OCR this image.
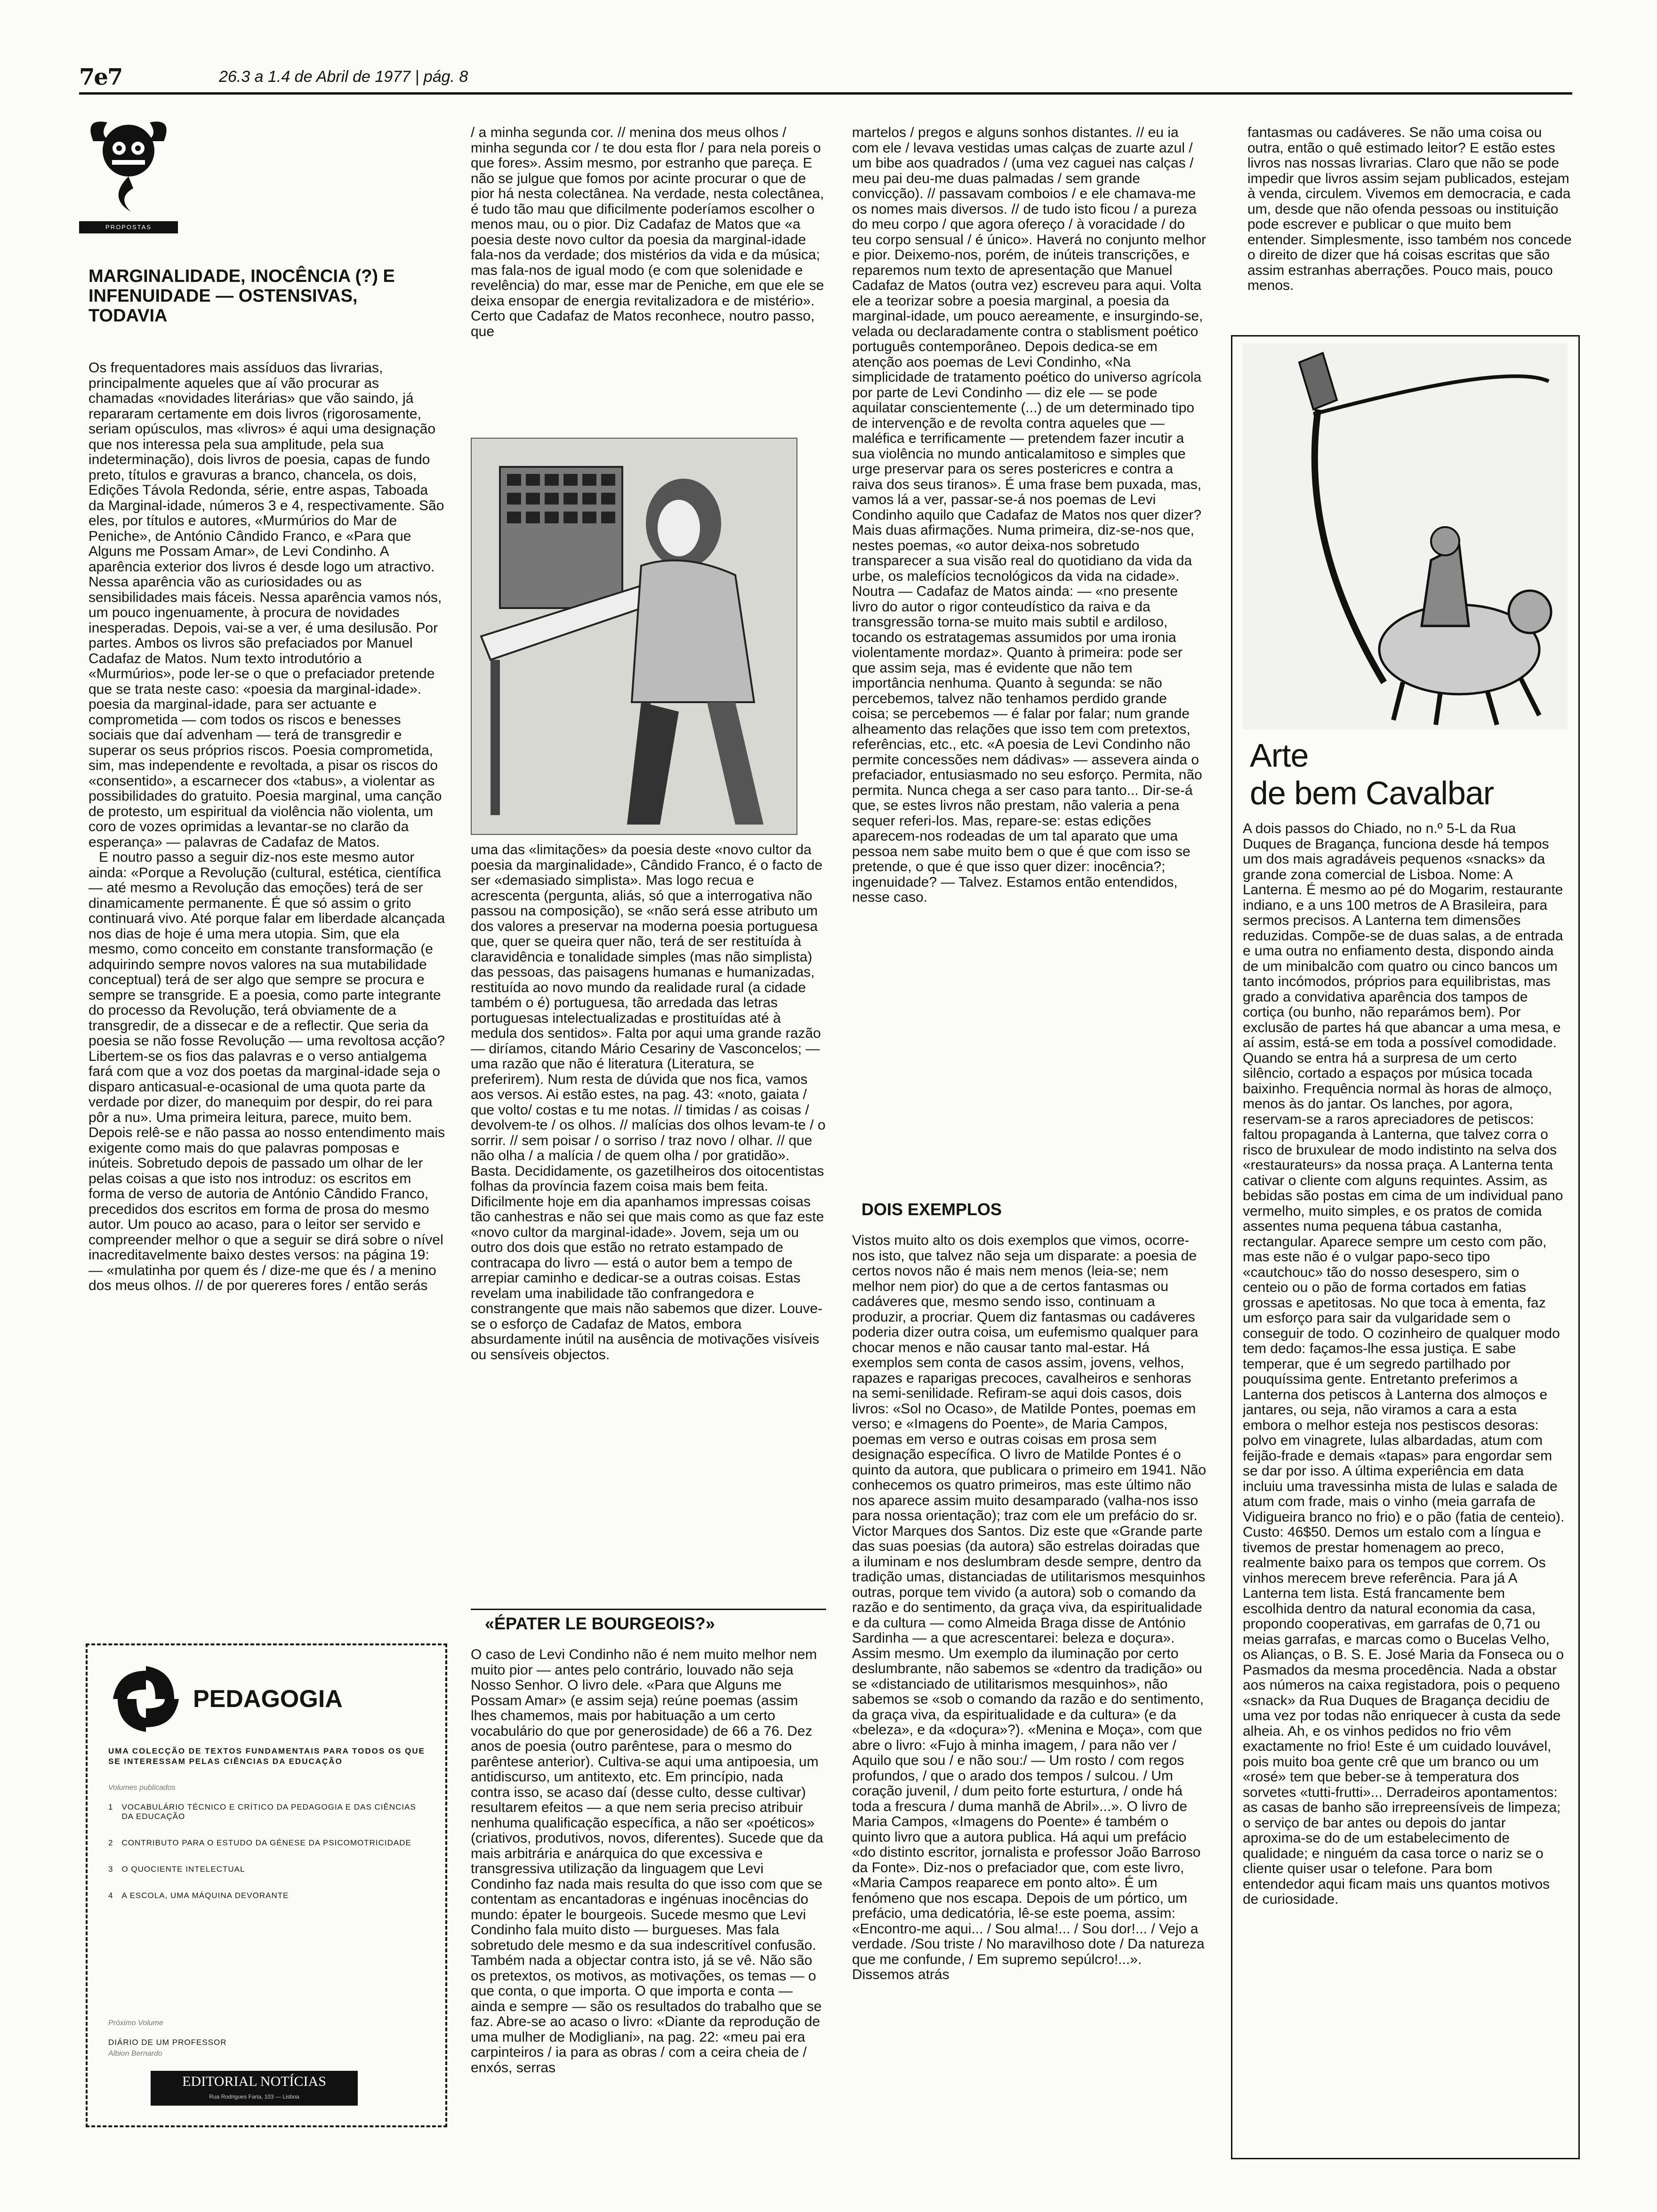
7e7	26.3 a 1.4 de Abril de 1977 | pág. 8
PROPOSTAS
MARGINALIDADE, INOCÊNCIA (?) E INFENUIDADE — OSTENSIVAS, TODAVIA

Os frequentadores mais assíduos das livrarias, principalmente aqueles que aí vão procurar as chamadas «novidades literárias» que vão saindo, já repararam certamente em dois livros (rigorosamente, seriam opúsculos, mas «livros» é aqui uma designação que nos interessa pela sua amplitude, pela sua indeterminação), dois livros de poesia, capas de fundo preto, títulos e gravuras a branco, chancela, os dois, Edições Távola Redonda, série, entre aspas, Taboada da Marginal-idade, números 3 e 4, respectivamente. São eles, por títulos e autores, «Murmúrios do Mar de Peniche», de António Cândido Franco, e «Para que Alguns me Possam Amar», de Levi Condinho. A aparência exterior dos livros é desde logo um atractivo. Nessa aparência vão as curiosidades ou as sensibilidades mais fáceis. Nessa aparência vamos nós, um pouco ingenuamente, à procura de novidades inesperadas. Depois, vai-se a ver, é uma desilusão. Por partes. Ambos os livros são prefaciados por Manuel Cadafaz de Matos. Num texto introdutório a «Murmúrios», pode ler-se o que o prefaciador pretende que se trata neste caso: «poesia da marginal-idade». poesia da marginal-idade, para ser actuante e comprometida — com todos os riscos e benesses sociais que daí advenham — terá de transgredir e superar os seus próprios riscos. Poesia comprometida, sim, mas independente e revoltada, a pisar os riscos do «consentido», a escarnecer dos «tabus», a violentar as possibilidades do gratuito. Poesia marginal, uma canção de protesto, um espiritual da violência não violenta, um coro de vozes oprimidas a levantar-se no clarão da esperança» — palavras de Cadafaz de Matos.

E noutro passo a seguir diz-nos este mesmo autor ainda: «Porque a Revolução (cultural, estética, científica — até mesmo a Revolução das emoções) terá de ser dinamicamente permanente. É que só assim o grito continuará vivo. Até porque falar em liberdade alcançada nos dias de hoje é uma mera utopia. Sim, que ela mesmo, como conceito em constante transformação (e adquirindo sempre novos valores na sua mutabilidade conceptual) terá de ser algo que sempre se procura e sempre se transgride. E a poesia, como parte integrante do processo da Revolução, terá obviamente de a transgredir, de a dissecar e de a reflectir. Que seria da poesia se não fosse Revolução — uma revoltosa acção? Libertem-se os fios das palavras e o verso antialgema fará com que a voz dos poetas da marginal-idade seja o disparo anticasual-e-ocasional de uma quota parte da verdade por dizer, do manequim por despir, do rei para pôr a nu». Uma primeira leitura, parece, muito bem. Depois relê-se e não passa ao nosso entendimento mais exigente como mais do que palavras pomposas e inúteis. Sobretudo depois de passado um olhar de ler pelas coisas a que isto nos introduz: os escritos em forma de verso de autoria de António Cândido Franco, precedidos dos escritos em forma de prosa do mesmo autor. Um pouco ao acaso, para o leitor ser servido e compreender melhor o que a seguir se dirá sobre o nível inacreditavelmente baixo destes versos: na página 19: — «mulatinha por quem és / dize-me que és / a menino dos meus olhos. // de por quereres fores / então serás

/ a minha segunda cor. // menina dos meus olhos / minha segunda cor / te dou esta flor / para nela poreis o que fores». Assim mesmo, por estranho que pareça. E não se julgue que fomos por acinte procurar o que de pior há nesta colectânea. Na verdade, nesta colectânea, é tudo tão mau que dificilmente poderíamos escolher o menos mau, ou o pior. Diz Cadafaz de Matos que «a poesia deste novo cultor da poesia da marginal-idade fala-nos da verdade; dos mistérios da vida e da música; mas fala-nos de igual modo (e com que solenidade e revelência) do mar, esse mar de Peniche, em que ele se deixa ensopar de energia revitalizadora e de mistério». Certo que Cadafaz de Matos reconhece, noutro passo, que

uma das «limitações» da poesia deste «novo cultor da poesia da marginalidade», Cândido Franco, é o facto de ser «demasiado simplista». Mas logo recua e acrescenta (pergunta, aliás, só que a interrogativa não passou na composição), se «não será esse atributo um dos valores a preservar na moderna poesia portuguesa que, quer se queira quer não, terá de ser restituída à claravidência e tonalidade simples (mas não simplista) das pessoas, das paisagens humanas e humanizadas, restituída ao novo mundo da realidade rural (a cidade também o é) portuguesa, tão arredada das letras portuguesas intelectualizadas e prostituídas até à medula dos sentidos». Falta por aqui uma grande razão — diríamos, citando Mário Cesariny de Vasconcelos; — uma razão que não é literatura (Literatura, se preferirem). Num resta de dúvida que nos fica, vamos aos versos. Ai estão estes, na pag. 43: «noto, gaiata / que volto/ costas e tu me notas. // timidas / as coisas / devolvem-te / os olhos. // malícias dos olhos levam-te / o sorrir. // sem poisar / o sorriso / traz novo / olhar. // que não olha / a malícia / de quem olha / por gratidão». Basta. Decididamente, os gazetilheiros dos oitocentistas folhas da província fazem coisa mais bem feita. Dificilmente hoje em dia apanhamos impressas coisas tão canhestras e não sei que mais como as que faz este «novo cultor da marginal-idade». Jovem, seja um ou outro dos dois que estão no retrato estampado de contracapa do livro — está o autor bem a tempo de arrepiar caminho e dedicar-se a outras coisas. Estas revelam uma inabilidade tão confrangedora e constrangente que mais não sabemos que dizer. Louve-se o esforço de Cadafaz de Matos, embora absurdamente inútil na ausência de motivações visíveis ou sensíveis objectos.

«ÉPATER LE BOURGEOIS?»

O caso de Levi Condinho não é nem muito melhor nem muito pior — antes pelo contrário, louvado não seja Nosso Senhor. O livro dele. «Para que Alguns me Possam Amar» (e assim seja) reúne poemas (assim lhes chamemos, mais por habituação a um certo vocabulário do que por generosidade) de 66 a 76. Dez anos de poesia (outro parêntese, para o mesmo do parêntese anterior). Cultiva-se aqui uma antipoesia, um antidiscurso, um antitexto, etc. Em princípio, nada contra isso, se acaso daí (desse culto, desse cultivar) resultarem efeitos — a que nem seria preciso atribuir nenhuma qualificação específica, a não ser «poéticos» (criativos, produtivos, novos, diferentes). Sucede que da mais arbitrária e anárquica do que excessiva e transgressiva utilização da linguagem que Levi Condinho faz nada mais resulta do que isso com que se contentam as encantadoras e ingénuas inocências do mundo: épater le bourgeois. Sucede mesmo que Levi Condinho fala muito disto — burgueses. Mas fala sobretudo dele mesmo e da sua indescritível confusão. Também nada a objectar contra isto, já se vê. Não são os pretextos, os motivos, as motivações, os temas — o que conta, o que importa. O que importa e conta — ainda e sempre — são os resultados do trabalho que se faz. Abre-se ao acaso o livro: «Diante da reprodução de uma mulher de Modigliani», na pag. 22: «meu pai era carpinteiros / ia para as obras / com a ceira cheia de / enxós, serras

martelos / pregos e alguns sonhos distantes. // eu ia com ele / levava vestidas umas calças de zuarte azul / um bibe aos quadrados / (uma vez caguei nas calças / meu pai deu-me duas palmadas / sem grande convicção). // passavam comboios / e ele chamava-me os nomes mais diversos. // de tudo isto ficou / a pureza do meu corpo / que agora ofereço / à voracidade / do teu corpo sensual / é único». Haverá no conjunto melhor e pior. Deixemo-nos, porém, de inúteis transcrições, e reparemos num texto de apresentação que Manuel Cadafaz de Matos (outra vez) escreveu para aqui. Volta ele a teorizar sobre a poesia marginal, a poesia da marginal-idade, um pouco aereamente, e insurgindo-se, velada ou declaradamente contra o stablisment poético português contemporâneo. Depois dedica-se em atenção aos poemas de Levi Condinho, «Na simplicidade de tratamento poético do universo agrícola por parte de Levi Condinho — diz ele — se pode aquilatar conscientemente (...) de um determinado tipo de intervenção e de revolta contra aqueles que — maléfica e terrificamente — pretendem fazer incutir a sua violência no mundo anticalamitoso e simples que urge preservar para os seres postericres e contra a raiva dos seus tiranos». É uma frase bem puxada, mas, vamos lá a ver, passar-se-á nos poemas de Levi Condinho aquilo que Cadafaz de Matos nos quer dizer? Mais duas afirmações. Numa primeira, diz-se-nos que, nestes poemas, «o autor deixa-nos sobretudo transparecer a sua visão real do quotidiano da vida da urbe, os malefícios tecnológicos da vida na cidade». Noutra — Cadafaz de Matos ainda: — «no presente livro do autor o rigor conteudístico da raiva e da transgressão torna-se muito mais subtil e ardiloso, tocando os estratagemas assumidos por uma ironia violentamente mordaz». Quanto à primeira: pode ser que assim seja, mas é evidente que não tem importância nenhuma. Quanto à segunda: se não percebemos, talvez não tenhamos perdido grande coisa; se percebemos — é falar por falar; num grande alheamento das relações que isso tem com pretextos, referências, etc., etc. «A poesia de Levi Condinho não permite concessões nem dádivas» — assevera ainda o prefaciador, entusiasmado no seu esforço. Permita, não permita. Nunca chega a ser caso para tanto... Dir-se-á que, se estes livros não prestam, não valeria a pena sequer referi-los. Mas, repare-se: estas edições aparecem-nos rodeadas de um tal aparato que uma pessoa nem sabe muito bem o que é que com isso se pretende, o que é que isso quer dizer: inocência?; ingenuidade? — Talvez. Estamos então entendidos, nesse caso.

DOIS EXEMPLOS

Vistos muito alto os dois exemplos que vimos, ocorre-nos isto, que talvez não seja um disparate: a poesia de certos novos não é mais nem menos (leia-se; nem melhor nem pior) do que a de certos fantasmas ou cadáveres que, mesmo sendo isso, continuam a produzir, a procriar. Quem diz fantasmas ou cadáveres poderia dizer outra coisa, um eufemismo qualquer para chocar menos e não causar tanto mal-estar. Há exemplos sem conta de casos assim, jovens, velhos, rapazes e raparigas precoces, cavalheiros e senhoras na semi-senilidade. Refiram-se aqui dois casos, dois livros: «Sol no Ocaso», de Matilde Pontes, poemas em verso; e «Imagens do Poente», de Maria Campos, poemas em verso e outras coisas em prosa sem designação específica. O livro de Matilde Pontes é o quinto da autora, que publicara o primeiro em 1941. Não conhecemos os quatro primeiros, mas este último não nos aparece assim muito desamparado (valha-nos isso para nossa orientação); traz com ele um prefácio do sr. Victor Marques dos Santos. Diz este que «Grande parte das suas poesias (da autora) são estrelas doiradas que a iluminam e nos deslumbram desde sempre, dentro da tradição umas, distanciadas de utilitarismos mesquinhos outras, porque tem vivido (a autora) sob o comando da razão e do sentimento, da graça viva, da espiritualidade e da cultura — como Almeida Braga disse de António Sardinha — a que acrescentarei: beleza e doçura». Assim mesmo. Um exemplo da iluminação por certo deslumbrante, não sabemos se «dentro da tradição» ou se «distanciado de utilitarismos mesquinhos», não sabemos se «sob o comando da razão e do sentimento, da graça viva, da espiritualidade e da cultura» (e da «beleza», e da «doçura»?). «Menina e Moça», com que abre o livro: «Fujo à minha imagem, / para não ver / Aquilo que sou / e não sou:/ — Um rosto / com regos profundos, / que o arado dos tempos / sulcou. / Um coração juvenil, / dum peito forte esturtura, / onde há toda a frescura / duma manhã de Abril»...». O livro de Maria Campos, «Imagens do Poente» é também o quinto livro que a autora publica. Há aqui um prefácio «do distinto escritor, jornalista e professor João Barroso da Fonte». Diz-nos o prefaciador que, com este livro, «Maria Campos reaparece em ponto alto». É um fenómeno que nos escapa. Depois de um pórtico, um prefácio, uma dedicatória, lê-se este poema, assim: «Encontro-me aqui... / Sou alma!... / Sou dor!... / Vejo a verdade. /Sou triste / No maravilhoso dote / Da natureza que me confunde, / Em supremo sepúlcro!...». Dissemos atrás

fantasmas ou cadáveres. Se não uma coisa ou outra, então o quê estimado leitor? E estão estes livros nas nossas livrarias. Claro que não se pode impedir que livros assim sejam publicados, estejam à venda, circulem. Vivemos em democracia, e cada um, desde que não ofenda pessoas ou instituição pode escrever e publicar o que muito bem entender. Simplesmente, isso também nos concede o direito de dizer que há coisas escritas que são assim estranhas aberrações. Pouco mais, pouco menos.

Arte
de bem Cavalbar

A dois passos do Chiado, no n.º 5-L da Rua Duques de Bragança, funciona desde há tempos um dos mais agradáveis pequenos «snacks» da grande zona comercial de Lisboa. Nome: A Lanterna. É mesmo ao pé do Mogarim, restaurante indiano, e a uns 100 metros de A Brasileira, para sermos precisos. A Lanterna tem dimensões reduzidas. Compõe-se de duas salas, a de entrada e uma outra no enfiamento desta, dispondo ainda de um minibalcão com quatro ou cinco bancos um tanto incómodos, próprios para equilibristas, mas grado a convidativa aparência dos tampos de cortiça (ou bunho, não reparámos bem). Por exclusão de partes há que abancar a uma mesa, e aí assim, está-se em toda a possível comodidade. Quando se entra há a surpresa de um certo silêncio, cortado a espaços por música tocada baixinho. Frequência normal às horas de almoço, menos às do jantar. Os lanches, por agora, reservam-se a raros apreciadores de petiscos: faltou propaganda à Lanterna, que talvez corra o risco de bruxulear de modo indistinto na selva dos «restaurateurs» da nossa praça. A Lanterna tenta cativar o cliente com alguns requintes. Assim, as bebidas são postas em cima de um individual pano vermelho, muito simples, e os pratos de comida assentes numa pequena tábua castanha, rectangular. Aparece sempre um cesto com pão, mas este não é o vulgar papo-seco tipo «cautchouc» tão do nosso desespero, sim o centeio ou o pão de forma cortados em fatias grossas e apetitosas. No que toca à ementa, faz um esforço para sair da vulgaridade sem o conseguir de todo. O cozinheiro de qualquer modo tem dedo: façamos-lhe essa justiça. E sabe temperar, que é um segredo partilhado por pouquíssima gente. Entretanto preferimos a Lanterna dos petiscos à Lanterna dos almoços e jantares, ou seja, não viramos a cara a esta embora o melhor esteja nos pestiscos desoras: polvo em vinagrete, lulas albardadas, atum com feijão-frade e demais «tapas» para engordar sem se dar por isso. A última experiência em data incluiu uma travessinha mista de lulas e salada de atum com frade, mais o vinho (meia garrafa de Vidigueira branco no frio) e o pão (fatia de centeio). Custo: 46$50. Demos um estalo com a língua e tivemos de prestar homenagem ao preco, realmente baixo para os tempos que correm. Os vinhos merecem breve referência. Para já A Lanterna tem lista. Está francamente bem escolhida dentro da natural economia da casa, propondo cooperativas, em garrafas de 0,71 ou meias garrafas, e marcas como o Bucelas Velho, os Alianças, o B. S. E. José Maria da Fonseca ou o Pasmados da mesma procedência. Nada a obstar aos números na caixa registadora, pois o pequeno «snack» da Rua Duques de Bragança decidiu de uma vez por todas não enriquecer à custa da sede alheia. Ah, e os vinhos pedidos no frio vêm exactamente no frio! Este é um cuidado louvável, pois muito boa gente crê que um branco ou um «rosé» tem que beber-se à temperatura dos sorvetes «tutti-frutti»... Derradeiros apontamentos: as casas de banho são irrepreensíveis de limpeza; o serviço de bar antes ou depois do jantar aproxima-se do de um estabelecimento de qualidade; e ninguém da casa torce o nariz se o cliente quiser usar o telefone. Para bom entendedor aqui ficam mais uns quantos motivos de curiosidade.

PEDAGOGIA
UMA COLECÇÃO DE TEXTOS FUNDAMENTAIS PARA TODOS OS QUE SE INTERESSAM PELAS CIÊNCIAS DA EDUCAÇÃO
Volumes publicados
1 VOCABULÁRIO TÉCNICO E CRÍTICO DA PEDAGOGIA E DAS CIÊNCIAS DA EDUCAÇÃO
2 CONTRIBUTO PARA O ESTUDO DA GÉNESE DA PSICOMOTRICIDADE
3 O QUOCIENTE INTELECTUAL
4 A ESCOLA, UMA MÁQUINA DEVORANTE
Próximo Volume
DIÁRIO DE UM PROFESSOR
Albion Bernardo
EDITORIAL NOTÍCIAS
Rua Rodrigues Faria, 103 — Lisboa
